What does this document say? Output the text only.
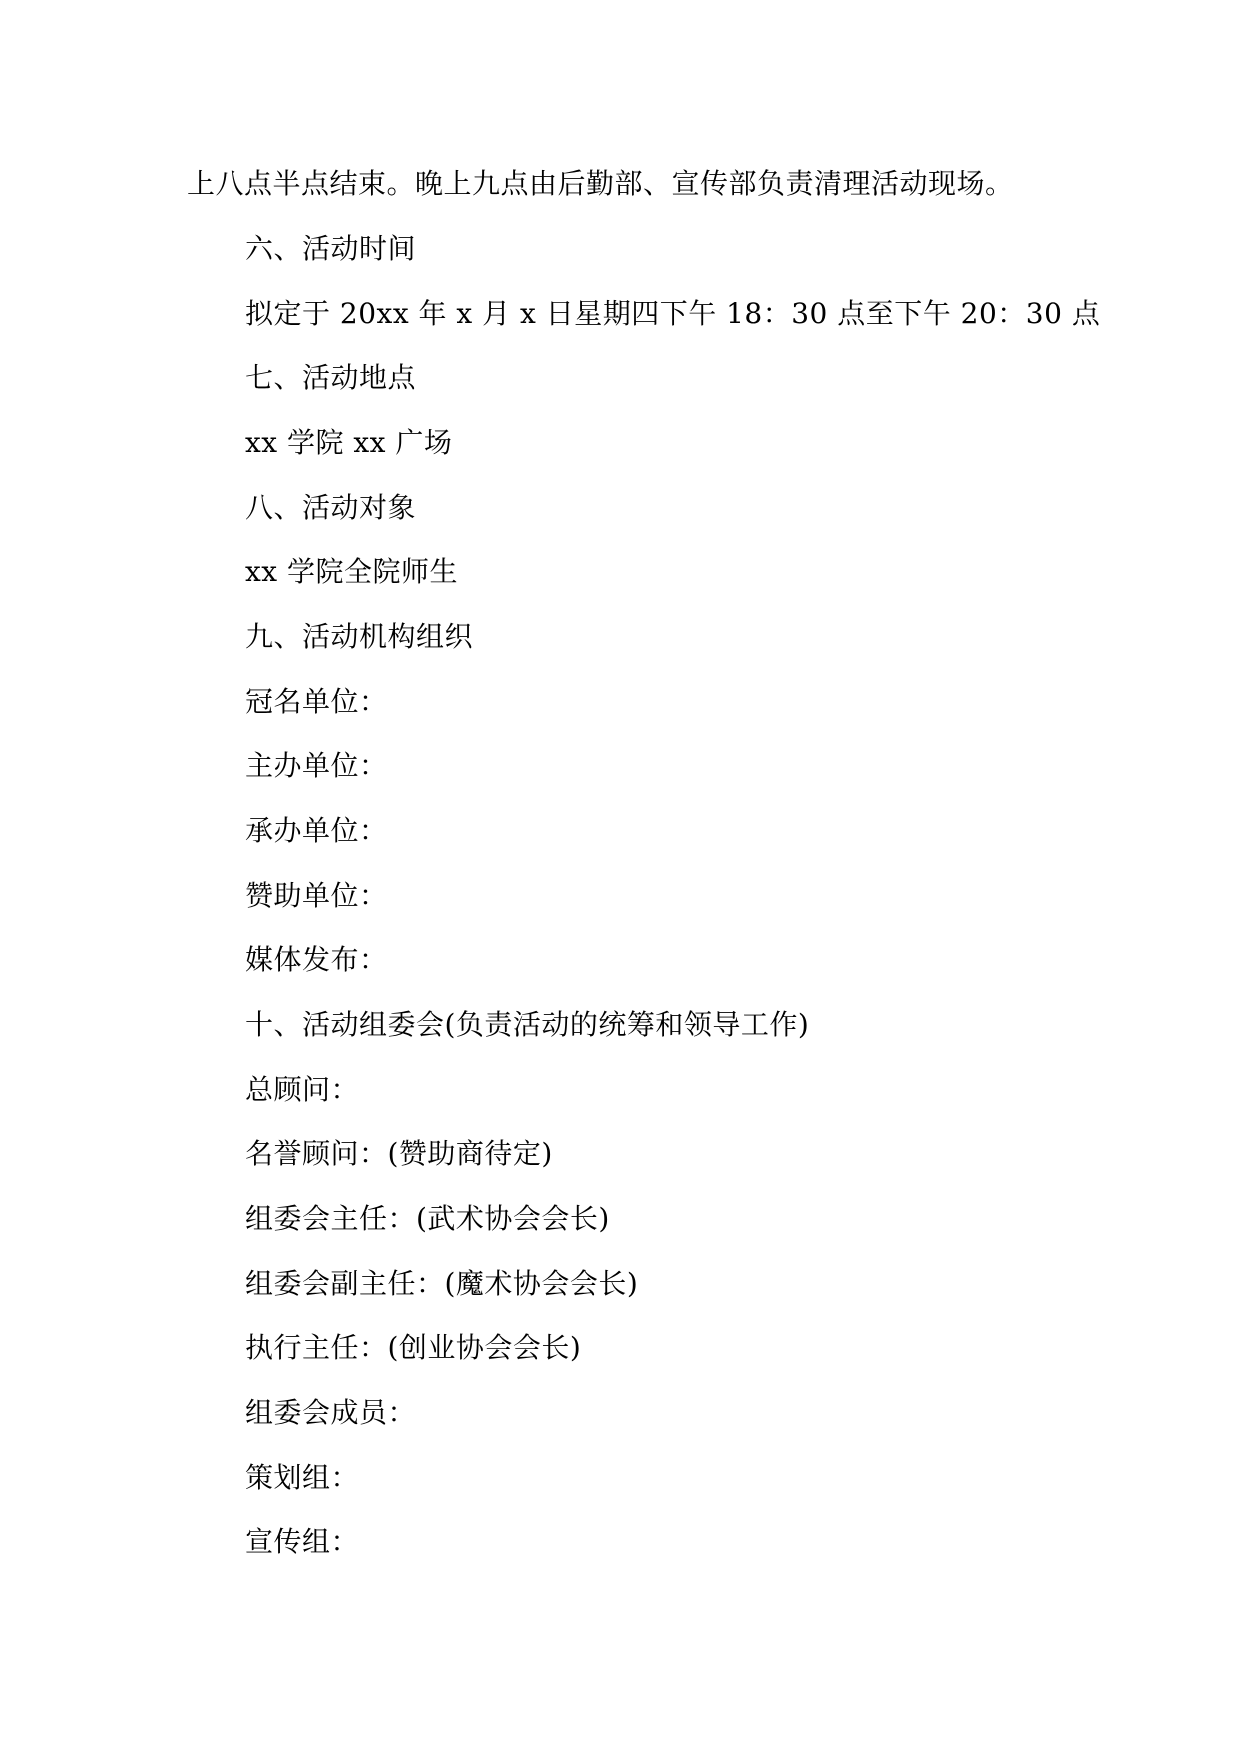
上八点半点结束。晚上九点由后勤部、宣传部负责清理活动现场。
六、活动时间
拟定于 20xx 年 x 月 x 日星期四下午 18：30 点至下午 20：30 点
七、活动地点
xx 学院 xx 广场
八、活动对象
xx 学院全院师生
九、活动机构组织
冠名单位：
主办单位：
承办单位：
赞助单位：
媒体发布：
十、活动组委会(负责活动的统筹和领导工作)
总顾问：
名誉顾问：(赞助商待定)
组委会主任：(武术协会会长)
组委会副主任：(魔术协会会长)
执行主任：(创业协会会长)
组委会成员：
策划组：
宣传组：
